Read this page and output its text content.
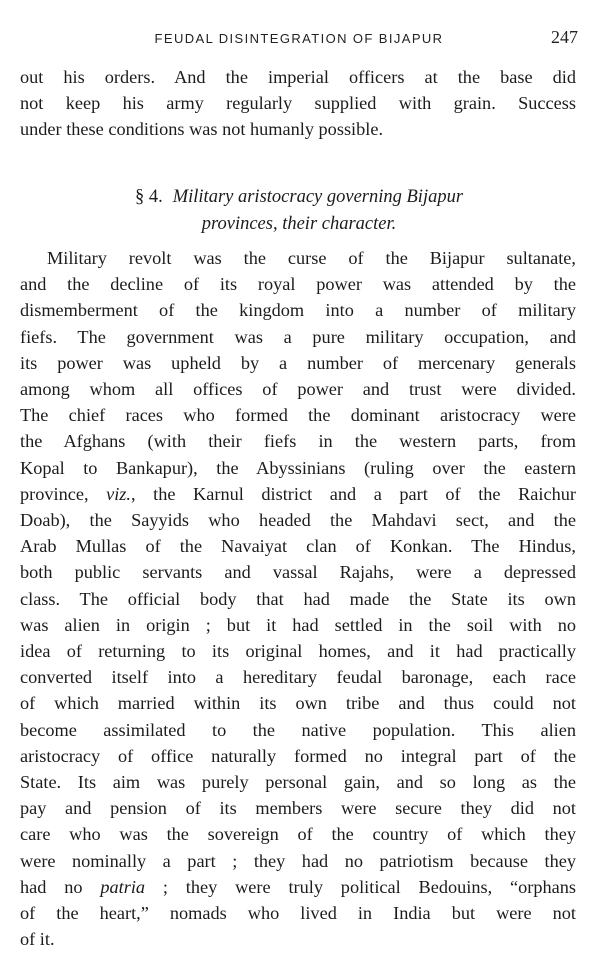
FEUDAL DISINTEGRATION OF BIJAPUR	247
out his orders. And the imperial officers at the base did
not keep his army regularly supplied with grain. Success
under these conditions was not humanly possible.
§ 4. Military aristocracy governing Bijapur
provinces, their character.
Military revolt was the curse of the Bijapur sultanate,
and the decline of its royal power was attended by the
dismemberment of the kingdom into a number of military
fiefs. The government was a pure military occupation, and
its power was upheld by a number of mercenary generals
among whom all offices of power and trust were divided.
The chief races who formed the dominant aristocracy were
the Afghans (with their fiefs in the western parts, from
Kopal to Bankapur), the Abyssinians (ruling over the eastern
province, viz., the Karnul district and a part of the Raichur
Doab), the Sayyids who headed the Mahdavi sect, and the
Arab Mullas of the Navaiyat clan of Konkan. The Hindus,
both public servants and vassal Rajahs, were a depressed
class. The official body that had made the State its own
was alien in origin ; but it had settled in the soil with no
idea of returning to its original homes, and it had practically
converted itself into a hereditary feudal baronage, each race
of which married within its own tribe and thus could not
become assimilated to the native population. This alien
aristocracy of office naturally formed no integral part of the
State. Its aim was purely personal gain, and so long as the
pay and pension of its members were secure they did not
care who was the sovereign of the country of which they
were nominally a part ; they had no patriotism because they
had no patria ; they were truly political Bedouins, “orphans
of the heart,” nomads who lived in India but were not
of it.
